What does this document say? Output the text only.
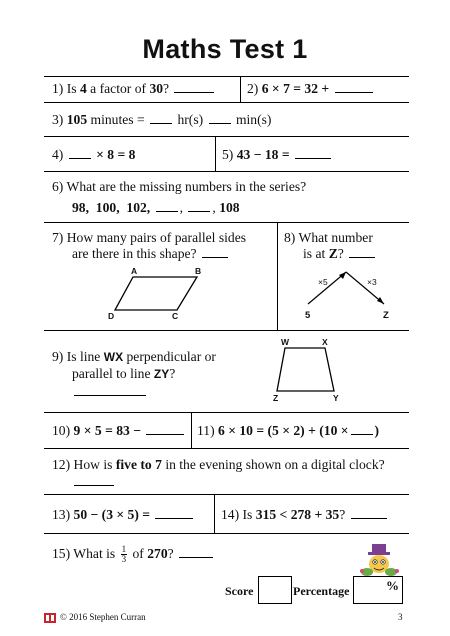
Maths Test 1
1) Is 4 a factor of 30?	2) 6 × 7 = 32 +
3) 105 minutes = hr(s) min(s)
4) × 8 = 8	5) 43 − 18 =
6) What are the missing numbers in the series?
98, 100, 102, , , 108
7) How many pairs of parallel sides
are there in this shape?
A	B
C
D
8) What number
is at Z?
×5	×3
5	Z
9) Is line WX perpendicular or
parallel to line ZY?
W	X
Z	Y
10) 9 × 5 = 83 −	11) 6 × 10 = (5 × 2) + (10 × )
12) How is five to 7 in the evening shown on a digital clock?
13) 50 − (3 × 5) =	14) Is 315 < 278 + 35?
15) What is $\frac{1}{3}$ of 270?
Score	Percentage	%
© 2016 Stephen Curran	3
